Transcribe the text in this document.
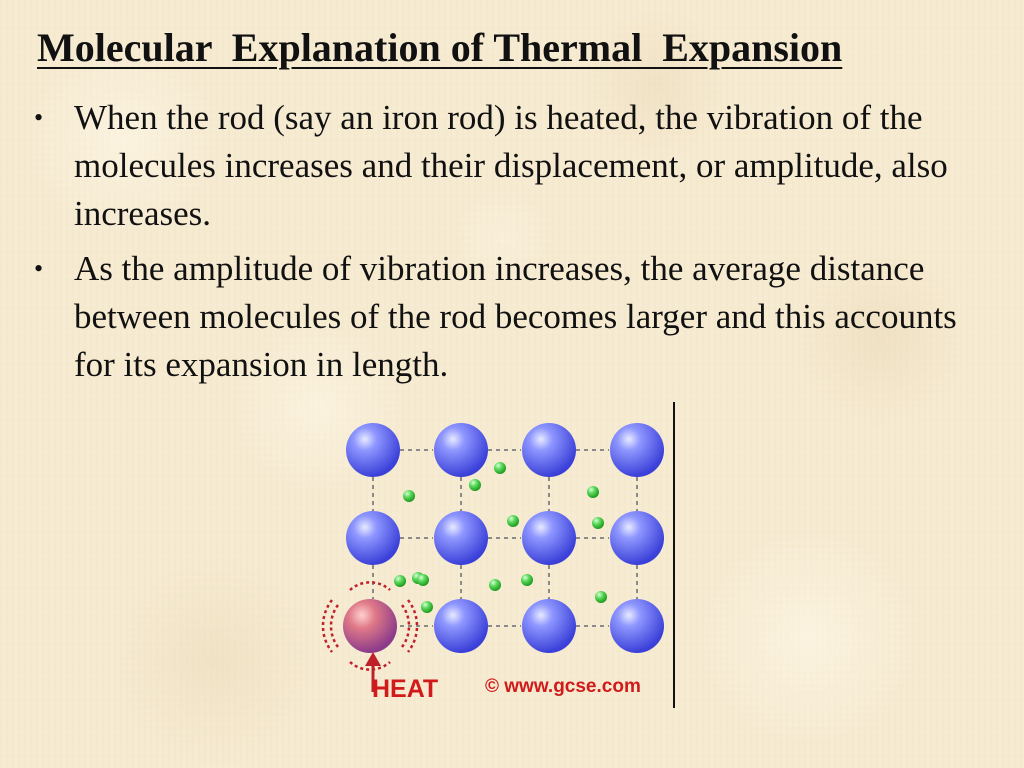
Molecular  Explanation of Thermal  Expansion
• When the rod (say an iron rod) is heated, the vibration of the molecules increases and their displacement, or amplitude, also increases.
• As the amplitude of vibration increases, the average distance between molecules of the rod becomes larger and this accounts for its expansion in length.
HEAT © www.gcse.com
